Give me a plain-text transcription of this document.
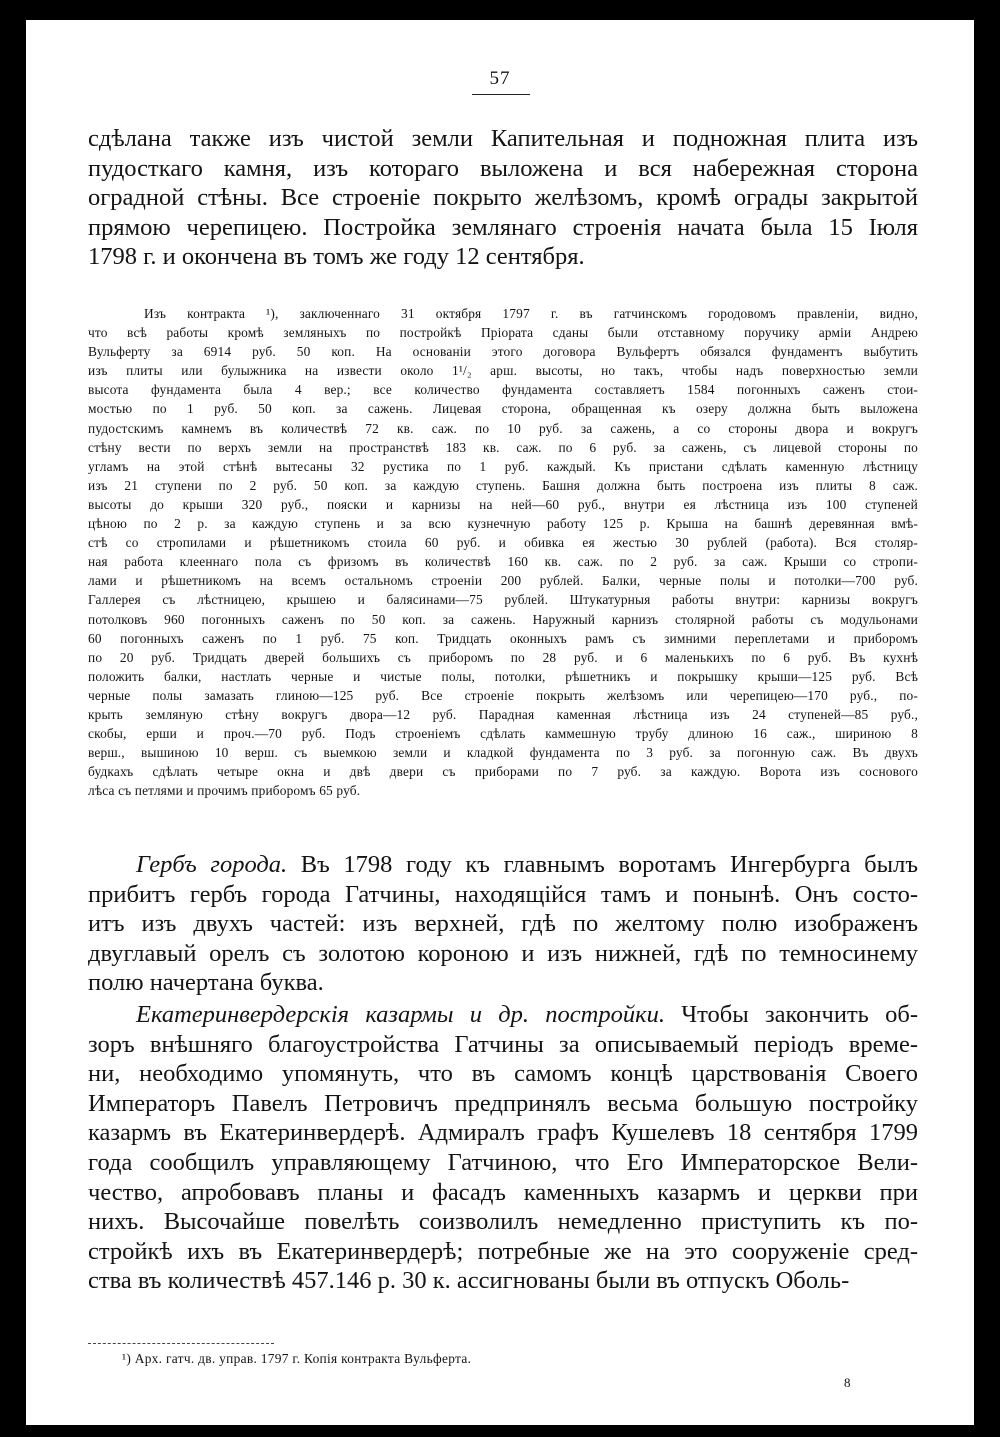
57

сдѣлана также изъ чистой земли Капительная и подножная плита изъ
пудосткаго камня, изъ котораго выложена и вся набережная сторона
оградной стѣны. Все строеніе покрыто желѣзомъ, кромѣ ограды закрытой
прямою черепицею. Постройка землянаго строенія начата была 15 Іюля
1798 г. и окончена въ томъ же году 12 сентября.

Изъ контракта ¹), заключеннаго 31 октября 1797 г. въ гатчинскомъ городовомъ правленіи, видно,
что всѣ работы кромѣ земляныхъ по постройкѣ Пріората сданы были отставному поручику арміи Андрею
Вульферту за 6914 руб. 50 коп. На основаніи этого договора Вульфертъ обязался фундаментъ выбутить
изъ плиты или булыжника на извести около 1¹/₂ арш. высоты, но такъ, чтобы надъ поверхностью земли
высота фундамента была 4 вер.; все количество фундамента составляетъ 1584 погонныхъ саженъ стои-
мостью по 1 руб. 50 коп. за сажень. Лицевая сторона, обращенная къ озеру должна быть выложена
пудостскимъ камнемъ въ количествѣ 72 кв. саж. по 10 руб. за сажень, а со стороны двора и вокругъ
стѣну вести по верхъ земли на пространствѣ 183 кв. саж. по 6 руб. за сажень, съ лицевой стороны по
угламъ на этой стѣнѣ вытесаны 32 рустика по 1 руб. каждый. Къ пристани сдѣлать каменную лѣстницу
изъ 21 ступени по 2 руб. 50 коп. за каждую ступень. Башня должна быть построена изъ плиты 8 саж.
высоты до крыши 320 руб., пояски и карнизы на ней—60 руб., внутри ея лѣстница изъ 100 ступеней
цѣною по 2 р. за каждую ступень и за всю кузнечную работу 125 р. Крыша на башнѣ деревянная вмѣ-
стѣ со стропилами и рѣшетникомъ стоила 60 руб. и обивка ея жестью 30 рублей (работа). Вся столяр-
ная работа клееннаго пола съ фризомъ въ количествѣ 160 кв. саж. по 2 руб. за саж. Крыши со стропи-
лами и рѣшетникомъ на всемъ остальномъ строеніи 200 рублей. Балки, черные полы и потолки—700 руб.
Галлерея съ лѣстницею, крышею и балясинами—75 рублей. Штукатурныя работы внутри: карнизы вокругъ
потолковъ 960 погонныхъ саженъ по 50 коп. за сажень. Наружный карнизъ столярной работы съ модульонами
60 погонныхъ саженъ по 1 руб. 75 коп. Тридцать оконныхъ рамъ съ зимними переплетами и приборомъ
по 20 руб. Тридцать дверей большихъ съ приборомъ по 28 руб. и 6 маленькихъ по 6 руб. Въ кухнѣ
положить балки, настлать черные и чистые полы, потолки, рѣшетникъ и покрышку крыши—125 руб. Всѣ
черные полы замазать глиною—125 руб. Все строеніе покрыть желѣзомъ или черепицею—170 руб., по-
крыть земляную стѣну вокругъ двора—12 руб. Парадная каменная лѣстница изъ 24 ступеней—85 руб.,
скобы, ерши и проч.—70 руб. Подъ строеніемъ сдѣлать каммешную трубу длиною 16 саж., шириною 8
верш., вышиною 10 верш. съ выемкою земли и кладкой фундамента по 3 руб. за погонную саж. Въ двухъ
будкахъ сдѣлать четыре окна и двѣ двери съ приборами по 7 руб. за каждую. Ворота изъ соснового
лѣса съ петлями и прочимъ приборомъ 65 руб.

Гербъ города. Въ 1798 году къ главнымъ воротамъ Ингербурга былъ
прибитъ гербъ города Гатчины, находящійся тамъ и понынѣ. Онъ состо-
итъ изъ двухъ частей: изъ верхней, гдѣ по желтому полю изображенъ
двуглавый орелъ съ золотою короною и изъ нижней, гдѣ по темносинему
полю начертана буква.

Екатеринвердерскія казармы и др. постройки. Чтобы закончить об-
зоръ внѣшняго благоустройства Гатчины за описываемый періодъ време-
ни, необходимо упомянуть, что въ самомъ концѣ царствованія Своего
Императоръ Павелъ Петровичъ предпринялъ весьма большую постройку
казармъ въ Екатеринвердерѣ. Адмиралъ графъ Кушелевъ 18 сентября 1799
года сообщилъ управляющему Гатчиною, что Его Императорское Вели-
чество, апробовавъ планы и фасадъ каменныхъ казармъ и церкви при
нихъ. Высочайше повелѣть соизволилъ немедленно приступить къ по-
стройкѣ ихъ въ Екатеринвердерѣ; потребные же на это сооруженіе сред-
ства въ количествѣ 457.146 р. 30 к. ассигнованы были въ отпускъ Оболь-

¹) Арх. гатч. дв. управ. 1797 г. Копія контракта Вульферта.
8
